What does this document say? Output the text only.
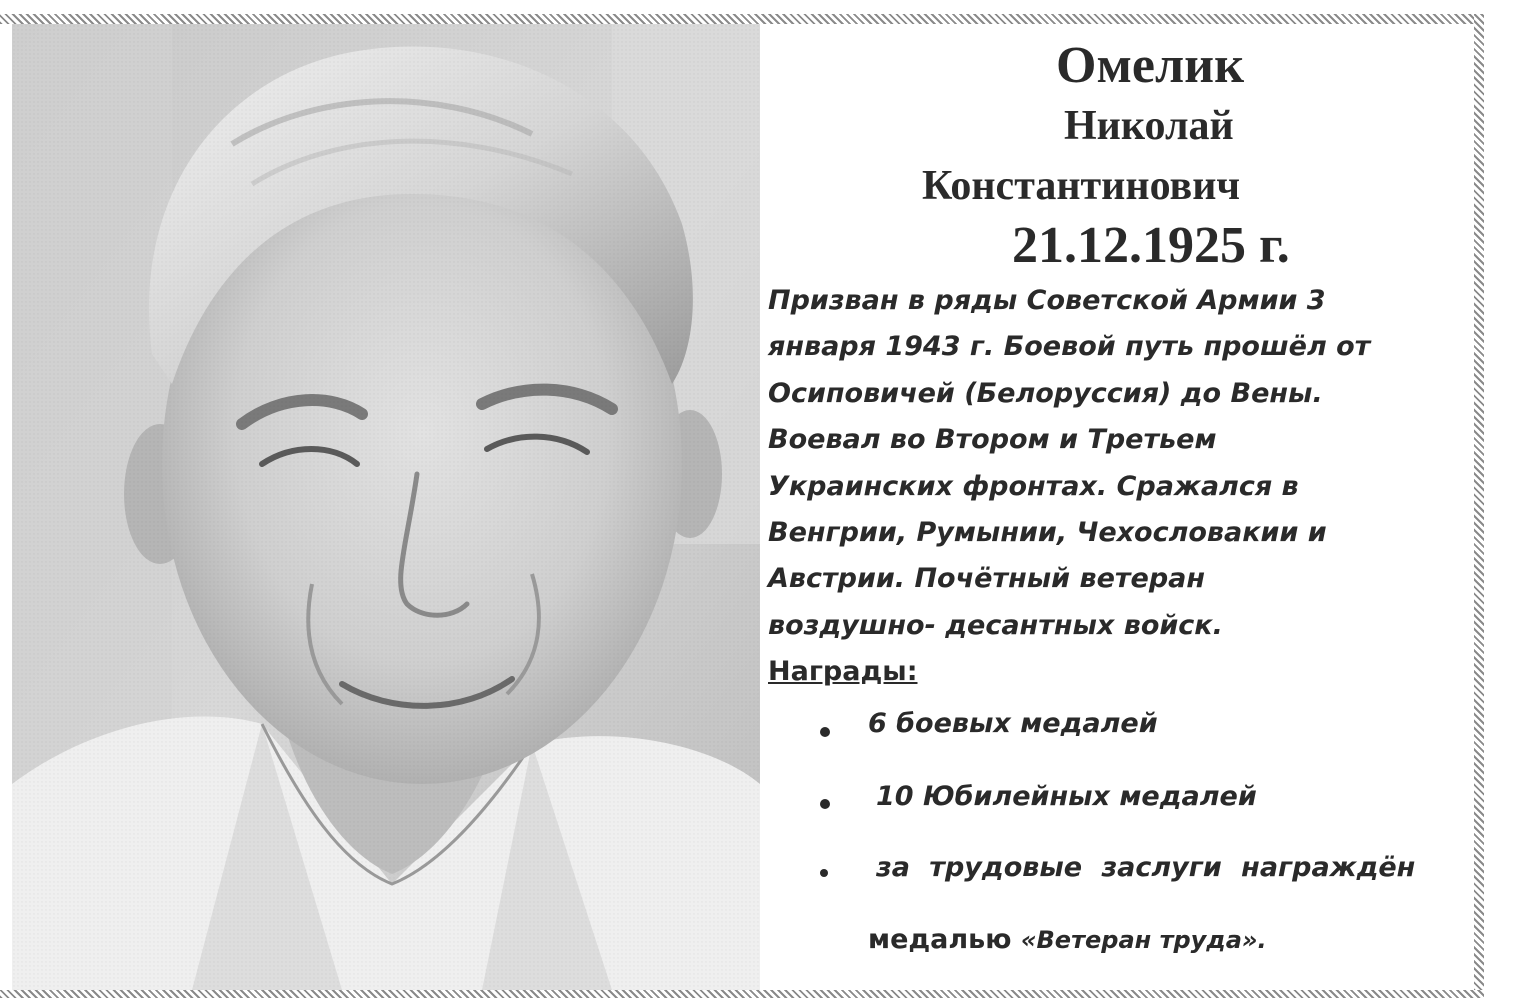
Омелик
Николай
Константинович
21.12.1925 г.
Призван в ряды Советской Армии 3
января 1943 г. Боевой путь прошёл от
Осиповичей (Белоруссия) до Вены.
Воевал во Втором и Третьем
Украинских фронтах. Сражался в
Венгрии, Румынии, Чехословакии и
Австрии. Почётный ветеран
воздушно- десантных войск.
Награды:
6 боевых медалей
10 Юбилейных медалей
за трудовые заслуги награждён
медалью «Ветеран труда».
